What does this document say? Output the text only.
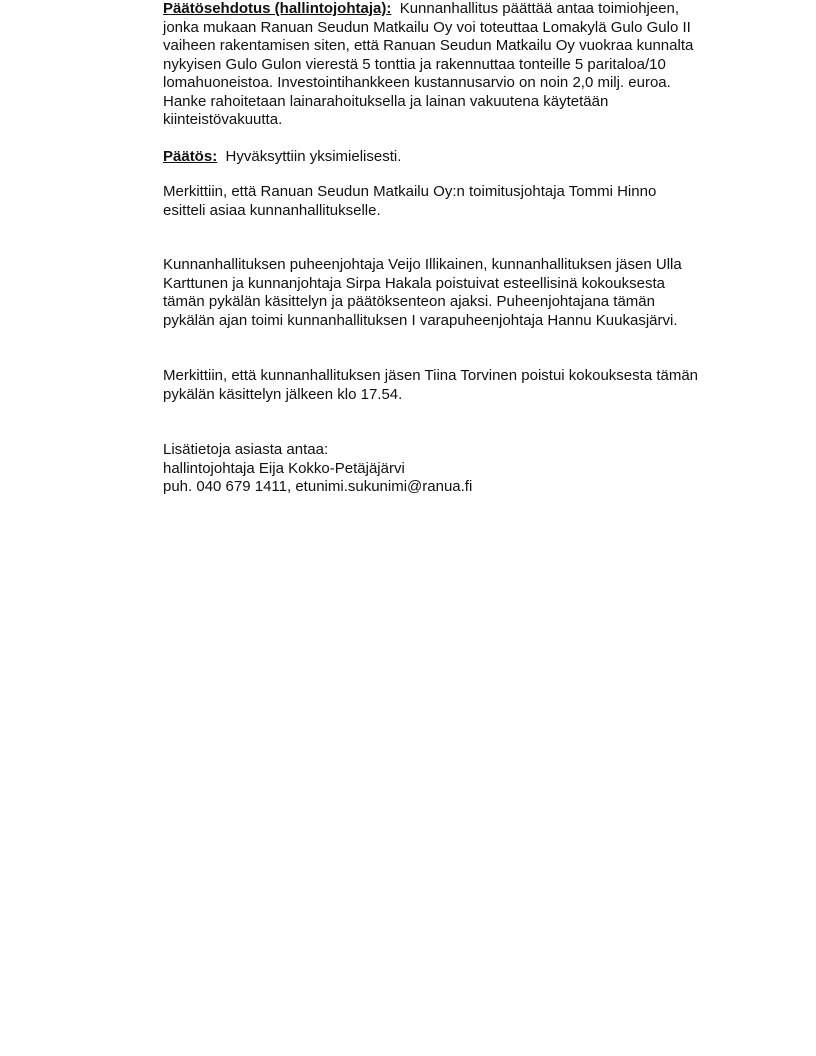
Päätösehdotus (hallintojohtaja): Kunnanhallitus päättää antaa toimiohjeen,
jonka mukaan Ranuan Seudun Matkailu Oy voi toteuttaa Lomakylä Gulo Gulo II
vaiheen rakentamisen siten, että Ranuan Seudun Matkailu Oy vuokraa kunnalta
nykyisen Gulo Gulon vierestä 5 tonttia ja rakennuttaa tonteille 5 paritaloa/10
lomahuoneistoa. Investointihankkeen kustannusarvio on noin 2,0 milj. euroa.
Hanke rahoitetaan lainarahoituksella ja lainan vakuutena käytetään
kiinteistövakuutta.

Päätös: Hyväksyttiin yksimielisesti.

Merkittiin, että Ranuan Seudun Matkailu Oy:n toimitusjohtaja Tommi Hinno
esitteli asiaa kunnanhallitukselle.

Kunnanhallituksen puheenjohtaja Veijo Illikainen, kunnanhallituksen jäsen Ulla
Karttunen ja kunnanjohtaja Sirpa Hakala poistuivat esteellisinä kokouksesta
tämän pykälän käsittelyn ja päätöksenteon ajaksi. Puheenjohtajana tämän
pykälän ajan toimi kunnanhallituksen I varapuheenjohtaja Hannu Kuukasjärvi.

Merkittiin, että kunnanhallituksen jäsen Tiina Torvinen poistui kokouksesta tämän
pykälän käsittelyn jälkeen klo 17.54.

Lisätietoja asiasta antaa:
hallintojohtaja Eija Kokko-Petäjäjärvi
puh. 040 679 1411, etunimi.sukunimi@ranua.fi
